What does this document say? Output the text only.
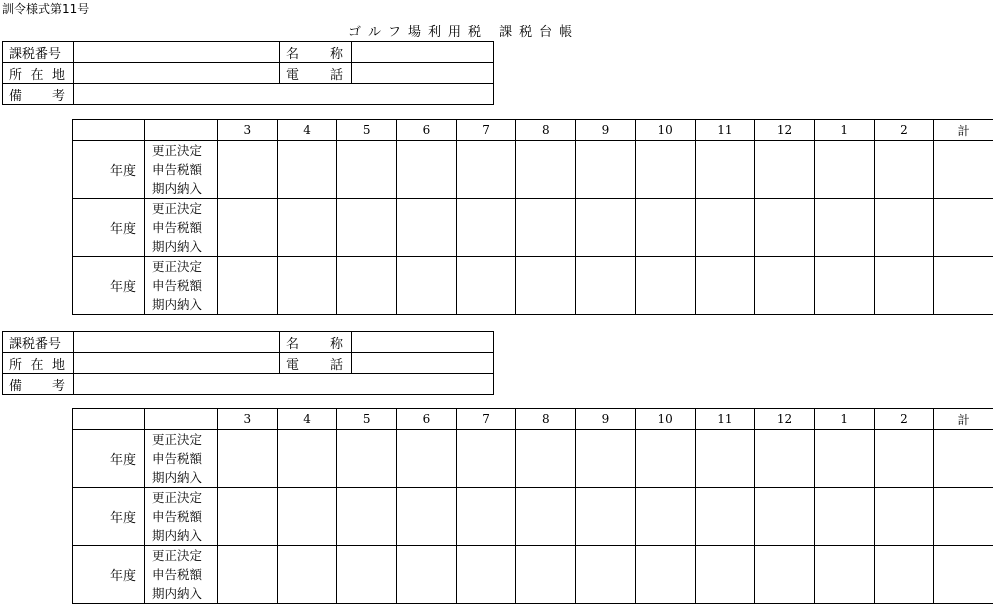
訓令様式第11号
ゴルフ場利用税 課税台帳
課税番号		名称	
所在地		電話	
備考			
		3	4	5	6	7	8	9	10	11	12	1	2	計
年度	更正決定
申告税額
期内納入													

年度	更正決定
申告税額
期内納入													

年度	更正決定
申告税額
期内納入													

課税番号		名称	
所在地		電話	
備考			
		3	4	5	6	7	8	9	10	11	12	1	2	計
年度	更正決定
申告税額
期内納入													

年度	更正決定
申告税額
期内納入													

年度	更正決定
申告税額
期内納入													
